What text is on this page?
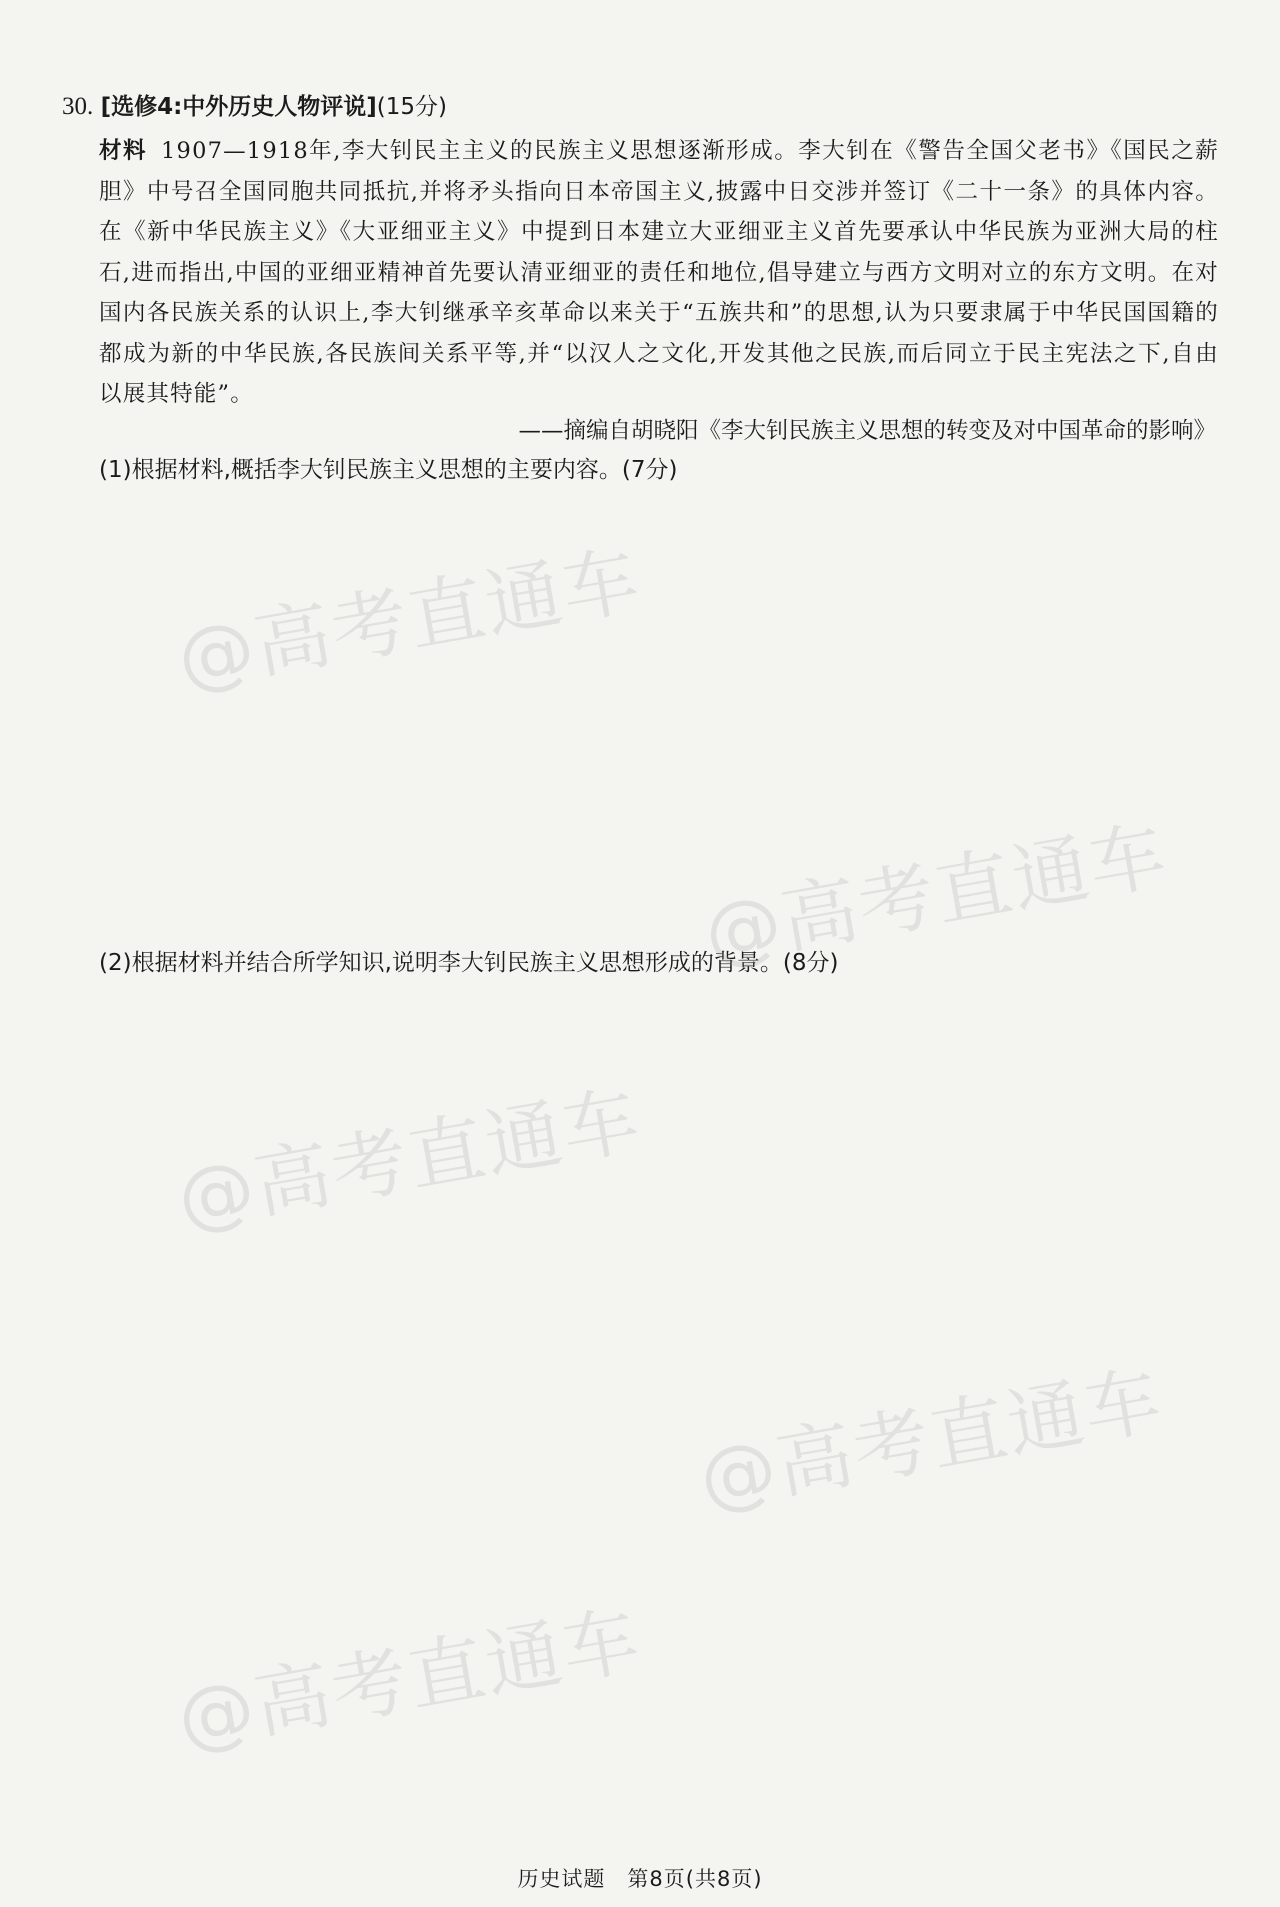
30. [选修4:中外历史人物评说](15分)
材料 1907—1918年,李大钊民主主义的民族主义思想逐渐形成。李大钊在《警告全国父老书》《国民之薪胆》中号召全国同胞共同抵抗,并将矛头指向日本帝国主义,披露中日交涉并签订《二十一条》的具体内容。在《新中华民族主义》《大亚细亚主义》中提到日本建立大亚细亚主义首先要承认中华民族为亚洲大局的柱石,进而指出,中国的亚细亚精神首先要认清亚细亚的责任和地位,倡导建立与西方文明对立的东方文明。在对国内各民族关系的认识上,李大钊继承辛亥革命以来关于“五族共和”的思想,认为只要隶属于中华民国国籍的都成为新的中华民族,各民族间关系平等,并“以汉人之文化,开发其他之民族,而后同立于民主宪法之下,自由以展其特能”。
——摘编自胡晓阳《李大钊民族主义思想的转变及对中国革命的影响》
(1)根据材料,概括李大钊民族主义思想的主要内容。(7分)
(2)根据材料并结合所学知识,说明李大钊民族主义思想形成的背景。(8分)
@高考直通车
@高考直通车
@高考直通车
@高考直通车
@高考直通车
历史试题　第8页(共8页)
